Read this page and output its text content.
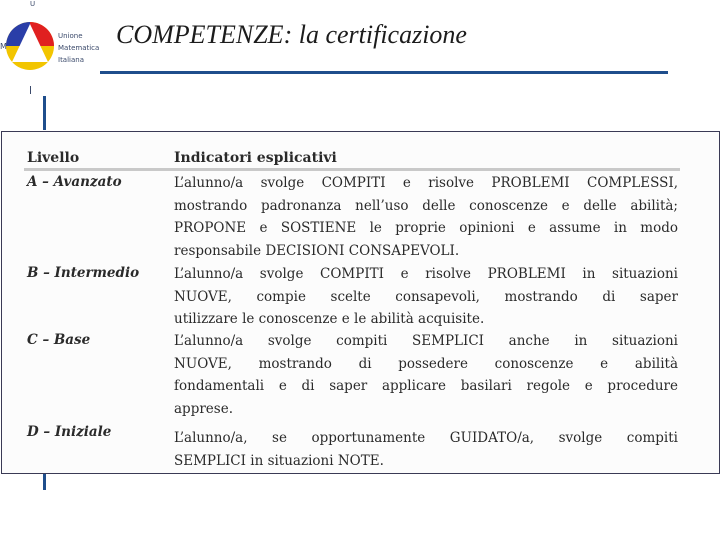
U
M
Unione
Matematica
Italiana
COMPETENZE: la certificazione
Livello	Indicatori esplicativi
A – Avanzato	L’alunno/a svolge COMPITI e risolve PROBLEMI COMPLESSI,
mostrando padronanza nell’uso delle conoscenze e delle abilità;
PROPONE e SOSTIENE le proprie opinioni e assume in modo
responsabile DECISIONI CONSAPEVOLI.
B – Intermedio	L’alunno/a svolge COMPITI e risolve PROBLEMI in situazioni
NUOVE, compie scelte consapevoli, mostrando di saper
utilizzare le conoscenze e le abilità acquisite.
C – Base	L’alunno/a svolge compiti SEMPLICI anche in situazioni
NUOVE, mostrando di possedere conoscenze e abilità
fondamentali e di saper applicare basilari regole e procedure
apprese.
D – Iniziale	L’alunno/a, se opportunamente GUIDATO/a, svolge compiti
SEMPLICI in situazioni NOTE.
